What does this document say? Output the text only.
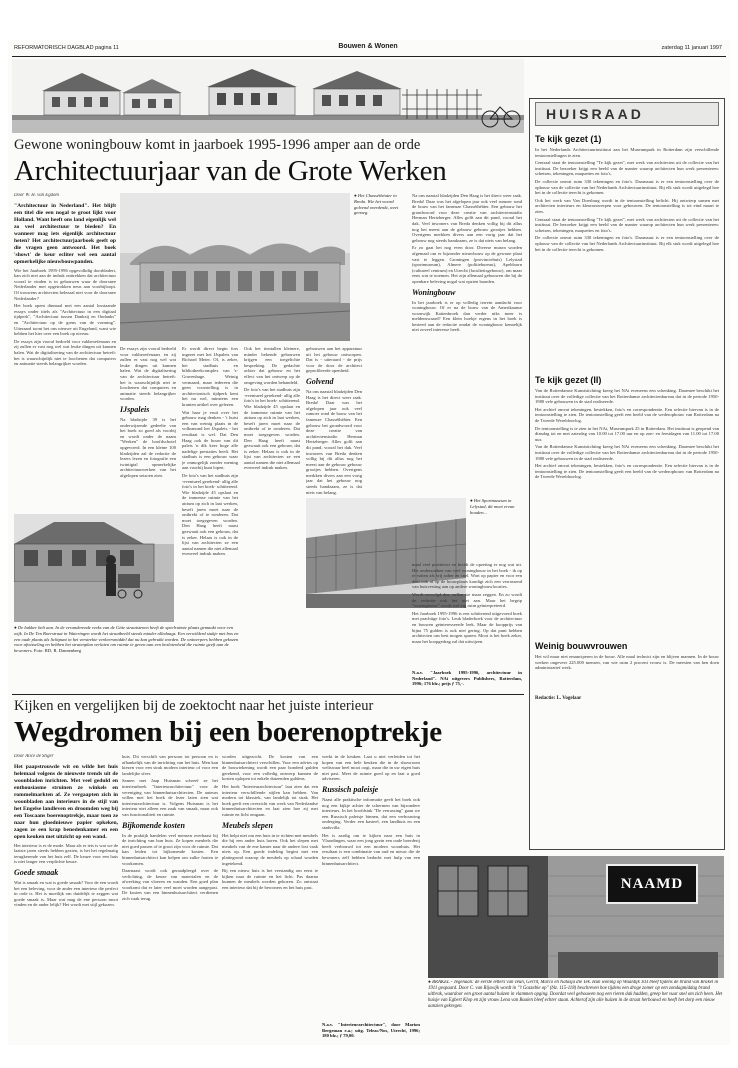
REFORMATORISCH DAGBLAD pagina 11	Bouwen & Wonen	zaterdag 11 januari 1997
Gewone woningbouw komt in jaarboek 1995-1996 amper aan de orde
Architectuurjaar van de Grote Werken
Door W. H. van Egdom

"Architectuur in Nederland". Het blijft een titel die een nogal te groot lijkt voor Holland. Want heeft ons land eigenlijk wel zo veel architectuur te bieden? En wanneer mag iets eigenlijk architectuur heten? Het architectuurjaarboek geeft op die vragen geen antwoord. Het boek 'showt' de keur ecliter wel een aantal opmerkelijke nieuwbouwpanden.

Wie het Jaarboek 1995-1996 opgevolkdig doorbladert, kan zich niet aan de indruk onttrekken dat architectuur vooral te vinden is in gebouwen waar de doorsnee Nederlander met opgetrokken neus aan voorbijloopt. Of trouwens architecten belezaal niet voor de doorsnee Nederlander?

Het boek opent dinmaal met een aantal losstaande essays onder titels als "Architectuur in een digitaal tijdperk", "Architectuur tussen Dankzij en Ondanks" en "Architectuur op de grens van de vorming". Uiteraard toont het ons nieuwe uit Engeland, want wie hebben het hier over een boek op niveau.

De essays zijn vooral bedoeld voor vakbeoefenaars en zij zullen er vast nog wel wat leuke dingen uit kunnen halen. Wat de digitalisering van de architectuur betreft: het is waarschijnlijk niet te loochenen dat computers en animatie steeds belangrijker worden.

● Het Chasséthéater in Breda. Wie het woord golvend overdenkt, weet genoeg.

De essays zijn vooral bedoeld voor vakbeoefenaars en zij zullen er vast nog wel wat leuke dingen uit kunnen halen. Wat de digitalisering van de architectuur betreft: het is waarschijnlijk niet te loochenen dat computers en animatie steeds belangrijker worden.

IJspaleis

Na bladzijde 39 is het onderwijzende gedeelte van het boek zo goed als voorbij en wordt onder de naam "Werken" de hoofdschotel opgevoerd. In een kleine 100 bladzijden zal de redactie de lezers lezen en fotografie een twintigtal opmerkelijke architectuurwerken van het afgelopen seizoen zien.

Er wordt direct begin fors ingezet met het IJspaleis van Richard Meier. Of, is zeker, het stadhuis en bibliotheekcomplex van 's-Gravenhage. Weinig vermaard, maar iedereen die geen voorstelling is in architectonisch tijdperk kent het nu wel, minstens een kranten artikel over gelezen.

Wat haar je eruit over het gebouw mag denken - 't huist een van weinig plaats in de volksmond het IJspaleis - het resultaat is wel. Dat Den Haag ook de bouw van dit paleis 'n dik keer hoge alle nadelige prestaties heeft. Het stadhuis is een gebouw waar je onmogelijk zonder mening aan voorbij kunt lopen.

De foto's van het stadhuis zijn -eventueel gerekend- allig alle foto's in het boek- schitterend. Wie bladzijde 45 opslaat en de immense ruimte van het atrium op zich in laat werken, beseft jaren moet naar de ontbrekt of te ronderen. Dat moet toegegeven worden. Den Haag heeft naast gezwaait ook een gebouw, dat is zeker. Helaas is ook in de lijst van architecten ze een aantal namen die niet allemaal evenveel indruk maken.

Ook het tientallen kleinere, minder bekende gebouwen krijgen een toegelichte bespreking. De gedachte achter dat gebouw en het effect van het ontwerp op de omgeving worden behandeld.

De foto's van het stadhuis zijn -eventueel gerekend- allig alle foto's in het boek- schitterend. Wie bladzijde 45 opslaat en de immense ruimte van het atrium op zich in laat werken, beseft jaren moet naar de ontbrekt of te ronderen. Dat moet toegegeven worden. Den Haag heeft naast gezwaait ook een gebouw, dat is zeker. Helaas is ook in de lijst van architecten ze een aantal namen die niet allemaal evenveel indruk maken.

gebouwen aan het apparatuur uit het gebouw ontworpen. Dat is - uiteraard - de prijs voor de door de architect geprofileerde openheid.

Golvend

Na ons naastal bladzijden Den Haag is het direct weer raak. Breda! Daar was het afgelopen jaar ook veel rumoer rond de bouw van het fameuze Chasséthéâter. Een gebouw het grondwoord voor deze creatie van architectenstudio Herman Hertzberger. Alles golft aan dit pand, vooral het dak. Veel inwoners van Breda denken vollig bij dit allus nog het meest aan de gebouw gebouw grootjes hebben. Overigens merkken divers aan een vorig jaar dat het gebouw nog steeds handzaam, ze is dat niets van belang.

Na ons naastal bladzijden Den Haag is het direct weer raak. Breda! Daar was het afgelopen jaar ook veel rumoer rond de bouw van het fameuze Chasséthéâter. Een gebouw het grondwoord voor deze creatie van architectenstudio Herman Hertzberger. Alles golft aan dit pand, vooral het dak. Veel inwoners van Breda denken vollig bij dit allus nog het meest aan de gebouw gebouw grootjes hebben. Overigens merkken divers aan een vorig jaar dat het gebouw nog steeds handzaam, ze is dat niets van belang.

Er zo gaat het nog even door. Diverse musea worden afgemaal om er bijzonder nieuwbouw op de gewone plaat vast te leggen. Groningen (provinciehuis) Lelystad (sportmuseum), Almere (politiebureau), Apeldoorn (cultureel centrum) en Utrecht (faculteitsgebouw), om maar eens wat te noemen. Het zijn allemaal gebouwen die bij de openbare beleving nogal wat opzien baarden.

Woningbouw

In het jaarboek is er op volledig terrein aandacht voor woningbouw. Of er na de bouw van de Amerikaanse woonwijk Kattenbroek dan verder niks meer is meldenswaard? Een klein hoekje ergens in het boek is besteed aan de redactie omdat de woningbouw kennelijk niet zoveel interesse heeft.

● De bakker belt aan. In de veranderende reeks van de Gitte straatstenen heeft de speelruimte plaats gemaakt voor een wijk. In De Ten Boerstraat in Wateringen wordt het straatbeeld steeds minder alledaags. Een verwilderd stukje met bos en een oude plaats als lichtpunt in het verstrekte verkeersmiddel dat nu kan gebruikt worden. De ontwerpers hebben gekozen voor afwisseling en hebben het stratenplan verlaten om ruimte te geven aan een beslotenheid die ruimte geeft aan de bewoners. Foto: RD, R. Dannenberg
● Het Sportmuseum in Lelystad, dit moet ervan houden...

maal veel positiever en breidt de opzeting er nog wat uit. Het onderzoeken van veel woningbouw in het boek - ik op te vatten als vrij sober en snel. Wart op papier en voor een deel ook al op de bouwplaats kondigt zich een verrassend van huisvesting aan op andere woningbouwlocaties.

Wordt vervolgd dus, zullen we maar zeggen. En zo wordt de redactie ook het niet aan. Maar het begrip "woningbouw" wordt wel erg ruim geïnterpreteerd.

Het Jaarboek 1995-1996 is een schitterend uitgevoerd boek met prachtige foto's. Leuk bladerboek voor de architectuur en bouwen geïnteresseerde leek. Maar de koopprijs van bijna 75 gulden is ook niet gering. Op dat punt hebben architecten ons best mogen sparen. Mooi is het boek zeker, maar het koopgedrag zal dat uitwijzen.

N.a.v. "Jaarboek 1995-1996, architectuur in Nederland". NAi uitgevers Publishers, Rotterdam, 1996; 176 blz.; prijs ƒ 75,-.
HUISRAAD
Te kijk gezet (1)

In het Nederlands Architectuurinstituut aan het Museumpark in Rotterdam zijn verschillende tentoonstellingen te zien.

Centraal staat de tentoonstelling "Te kijk gezet", met werk van architecten uit de collectie van het instituut. De bezoeker krijgt een beeld van de manier waarop architecten hun werk presenteren: schetsen, tekeningen, maquettes en foto's.

De collectie omvat ruim 330 tekeningen en foto's. Daarnaast is er een tentoonstelling over de opbouw van de collectie van het Nederlands Architectuurinstituut. Bij elk stuk wordt uitgelegd hoe het in de collectie terecht is gekomen.

Ook het werk van Van Doesburg wordt in de tentoonstelling belicht. Hij ontwierp samen met architecten interieurs en kleurontwerpen voor gebouwen. De tentoonstelling is tot eind maart te zien.

Centraal staat de tentoonstelling "Te kijk gezet", met werk van architecten uit de collectie van het instituut. De bezoeker krijgt een beeld van de manier waarop architecten hun werk presenteren: schetsen, tekeningen, maquettes en foto's.

De collectie omvat ruim 330 tekeningen en foto's. Daarnaast is er een tentoonstelling over de opbouw van de collectie van het Nederlands Architectuurinstituut. Bij elk stuk wordt uitgelegd hoe het in de collectie terecht is gekomen.

Te kijk gezet (II)

Van de Rotterdamse Kunststichting kreeg het NAi eveneens een schenking. Daarmee beschikt het instituut over de volledige collectie van het Rotterdamse architectenbureau dat in de periode 1950-1980 vele gebouwen in de stad realiseerde.

Het archief omvat tekeningen, bestekken, foto's en correspondentie. Een selectie hiervan is in de tentoonstelling te zien. De tentoonstelling geeft een beeld van de wederopbouw van Rotterdam na de Tweede Wereldoorlog.

De tentoonstelling is te zien in het NAi, Museumpark 25 in Rotterdam. Het instituut is geopend van dinsdag tot en met zaterdag van 10.00 tot 17.00 uur en op zon- en feestdagen van 11.00 tot 17.00 uur.

Van de Rotterdamse Kunststichting kreeg het NAi eveneens een schenking. Daarmee beschikt het instituut over de volledige collectie van het Rotterdamse architectenbureau dat in de periode 1950-1980 vele gebouwen in de stad realiseerde.

Het archief omvat tekeningen, bestekken, foto's en correspondentie. Een selectie hiervan is in de tentoonstelling te zien. De tentoonstelling geeft een beeld van de wederopbouw van Rotterdam na de Tweede Wereldoorlog.

Weinig bouwvrouwen

Het wil maar niet emanciperen in de bouw. Alle maal technici zijn en blijven mannen. In de bouw werken ongeveer 225.000 mensen, van wie ruim 2 procent vrouw is. De meesten van hen doen administratief werk.

Redactie: L. Vogelaar
Kijken en vergelijken bij de zoektocht naar het juiste interieur
Wegdromen bij een boerenoptrekje
Door Alice de Stiger

Het paapstrouwde wit en wilde het huis helemaal volgens de nieuwste trends uit de woonbladen inrichten. Met veel geduld en enthousiasme struinen ze winkels en rommelmarkten af. Ze vergaapten zich in woonbladen aan interieurs in de stijl van het Engelse landleven en droomden weg bij een Toscaans boerenoptrekje, maar toen ze naar hun gloednieuwe papier opkeken, zagen ze een krap benedenkamer en een open keuken met uitzicht op een wand.

Het interieur is er de mode. Maar als er iets is wat we de laatste jaren steeds hebben gezien, is het het regelmatig terugkerende van het huis zelf. De keuze voor een huis is niet langer een verplichte keuze.

Goede smaak

Wat is smaak en wat is goede smaak? Voor de een wordt het een beleving, voor de ander een interieur die perfect in orde is. Het is moeilijk om duidelijk te zeggen wat goede smaak is. Maar wat mag de ene persoon mooi vinden en de ander lelijk? Het wordt met stijl gekozen.

huis. Dit verschilt van persoon tot persoon en is afhankelijk van de inrichting van het huis. Men kan kiezen voor een strak modern interieur of voor een landelijke sfeer.

Samen met Jaap Huisman schreef ze het interieurboek "Interieurarchitectuur" voor de vereniging van binnenhuisarchitecten. De auteurs willen met het boek de lezer laten zien wat interieurarchitectuur is. Volgens Huisman is het interieur niet alleen een zaak van smaak, maar ook van functionaliteit en ruimte.

Bijkomende kosten

In de praktijk handelen veel mensen overhaast bij de inrichting van hun huis. Ze kopen meubels die niet goed passen of te groot zijn voor de ruimte. Dat kan leiden tot bijkomende kosten. Een binnenhuisarchitect kan helpen om zulke fouten te voorkomen.

Daarnaast wordt ook geraadpleegd over de verlichting, de keuze van materialen en de afwerking van vloeren en wanden. Een goed plan voorkomt dat er later veel moet worden aangepast. De kosten van een binnenhuisarchitect verdienen zich vaak terug.

worden uitgezocht. De kosten van een binnenhuisarchitect verschillen. Voor een advies op de bouwtekening wordt een paar honderd gulden gerekend, voor een volledig ontwerp kunnen de kosten oplopen tot enkele duizenden guldens.

Het boek "Interieurarchitectuur" laat zien dat een interieur verschillende stijlen kan hebben. Van modern tot klassiek, van landelijk tot strak. Het boek geeft een overzicht van werk van Nederlandse binnenhuisarchitecten en laat zien hoe zij met ruimte en licht omgaan.

Meubels slepen

Het helpt niet om een huis in te richten met meubels die bij een ander huis horen. Ook het slepen met meubels van de ene kamer naar de andere lost vaak niets op. Een goede indeling begint met een plattegrond waarop de meubels op schaal worden ingetekend.

Bij een nieuw huis is het verstandig om eerst te kijken naar de ruimte en het licht. Pas daarna kunnen de meubels worden gekozen. Zo ontstaat een interieur dat bij de bewoners en het huis past.

werkt in de keuken. Laat u niet verleiden tot het kopen van een hele keuken die in de showroom weliswaar heel mooi oogt, maar die in uw eigen huis niet past. Meet de ruimte goed op en laat u goed adviseren.

Russisch paleisje

Naast alle praktische informatie geeft het boek ook nog een kijkje achter de schermen van bijzondere interieurs. In het hoofdstuk "De verrassing" gaan we een Russisch paleisje binnen, dat een verbouwing onderging. Verder een kasteel, een landhuis en een stadsvilla.

Het is aardig om te kijken naar een huis in Vlaardingen, waar een jong gezin een oude boerderij heeft verbouwd tot een modern woonhuis. Het resultaat is een combinatie van oud en nieuw die de bewoners zelf hebben bedacht met hulp van een binnenhuisarchitect.

N.a.v. "Interieurarchitectuur", door Marion Bergeman e.a.; uitg. Teleac/Nos, Utrecht, 1996; 180 blz.; ƒ 79,00.
NAAMD
● BRAKEL - Tegenaan: de eerste letters van Teun, Gerrit, Marco en Natasja die Tek. Hun woning op Waaldijk 103 bleef tijdens de brand van Brakel in 1911 gespaard. Door C. van Rijswijk wordt in "'t Gozzebie op" (blz. 115-118) beschreven hoe tijdens een droge zomer op een zondagmiddag brand uitbrak, waardoor een groot aantal huizen in vlammen opging. Doordat veel gebouwen nog een rieten dak hadden, greep het vuur snel om zich heen. Het huisje van Egbert Klop en zijn vrouw Lena van Baalen bleef echter staan. Achteraf zijn alle huizen in de straat herbouwd en heeft het dorp een nieuw aanzien gekregen.
